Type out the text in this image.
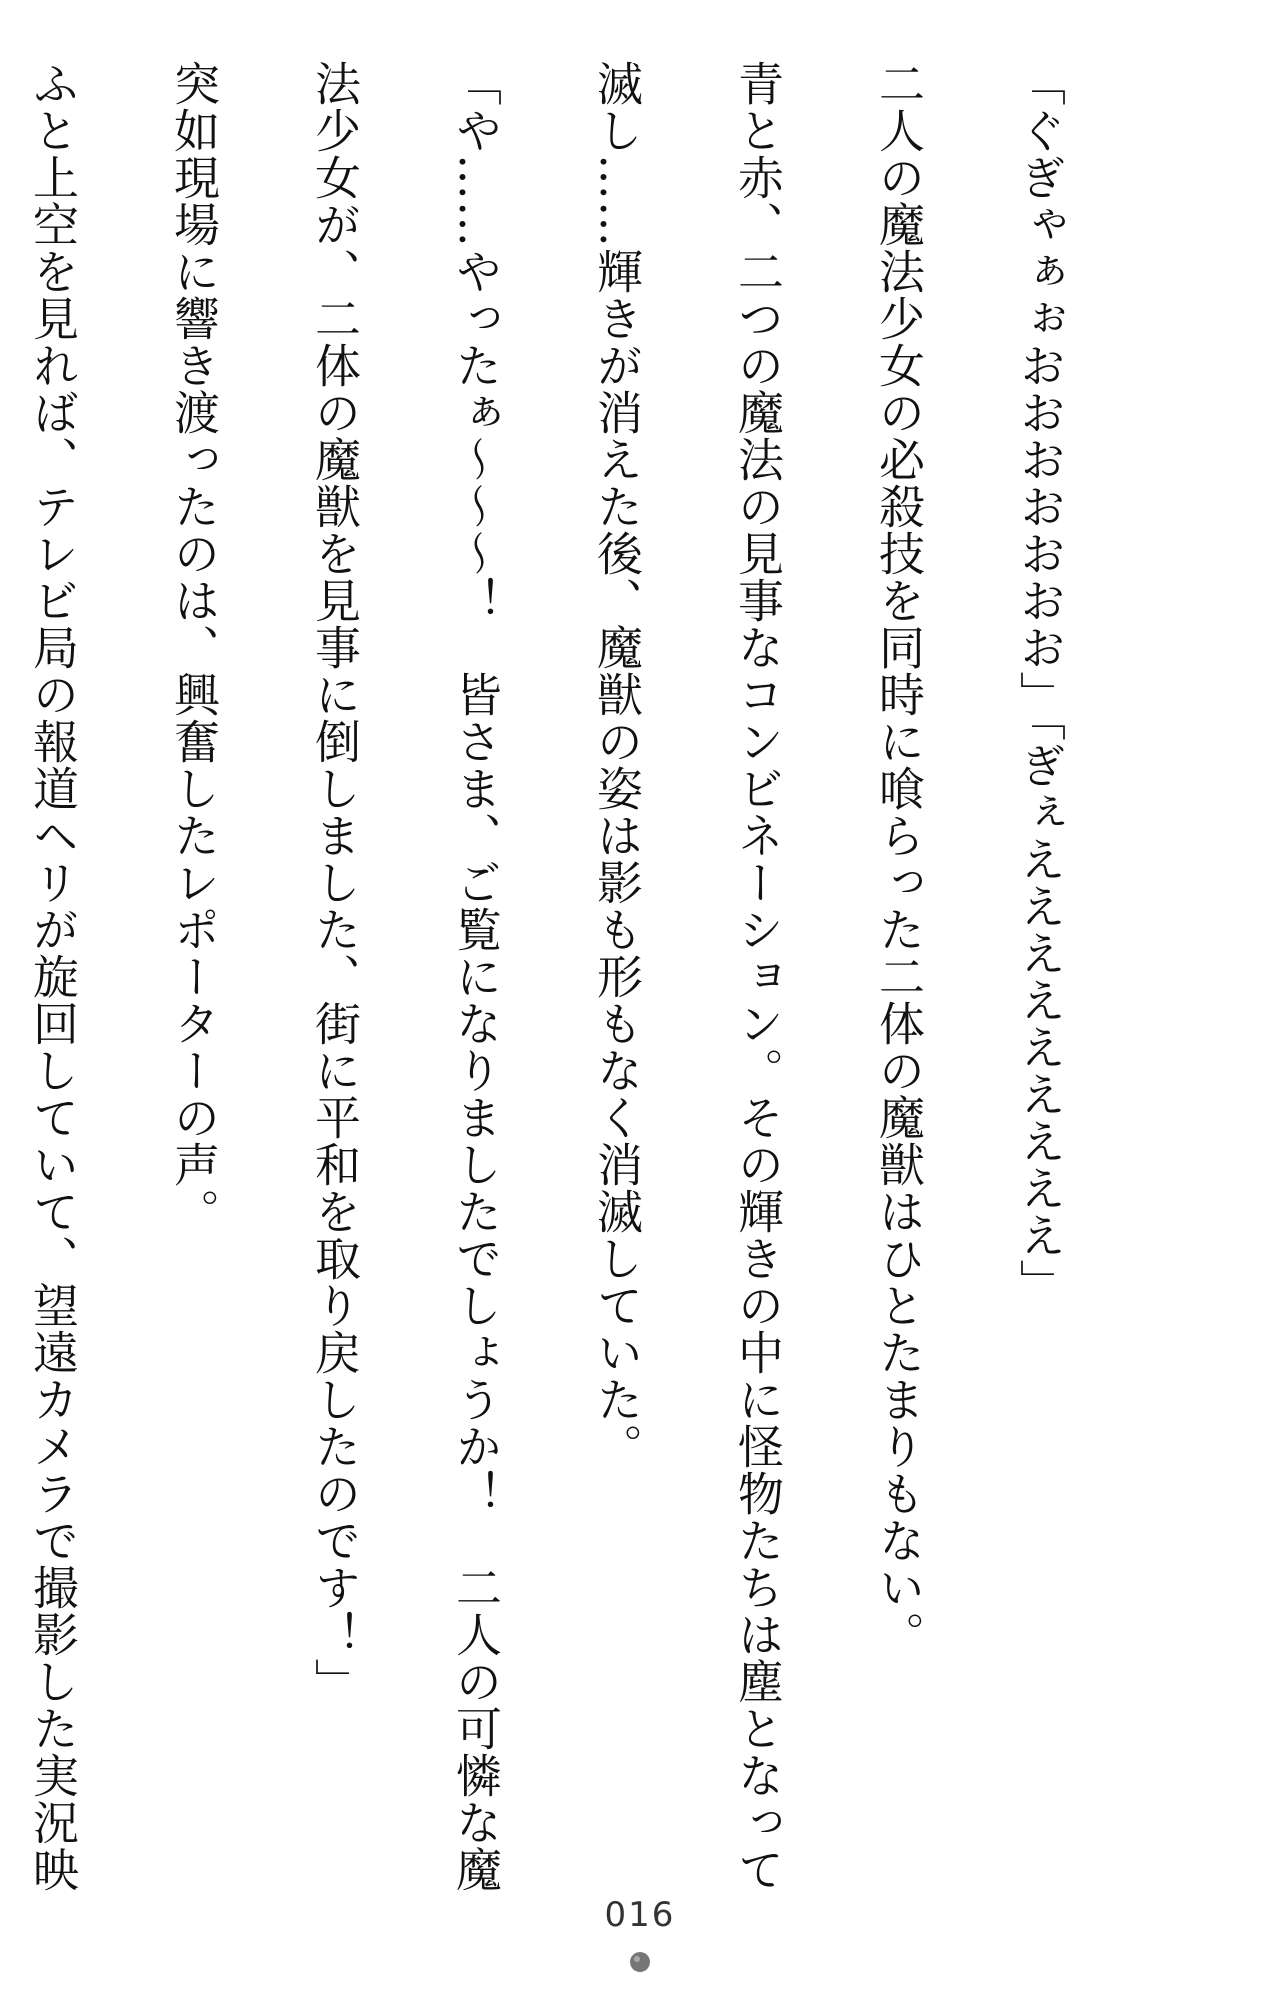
「ぐぎゃぁぉおおおおおおお」「ぎぇえええええええええ」
二人の魔法少女の必殺技を同時に喰らった二体の魔獣はひとたまりもない。
青と赤、二つの魔法の見事なコンビネーション。その輝きの中に怪物たちは塵となって
滅し……輝きが消えた後、魔獣の姿は影も形もなく消滅していた。
「や……やったぁ～～～！　皆さま、ご覧になりましたでしょうか！　二人の可憐な魔
法少女が、二体の魔獣を見事に倒しました、街に平和を取り戻したのです！」
突如現場に響き渡ったのは、興奮したレポーターの声。
ふと上空を見れば、テレビ局の報道ヘリが旋回していて、望遠カメラで撮影した実況映
016
